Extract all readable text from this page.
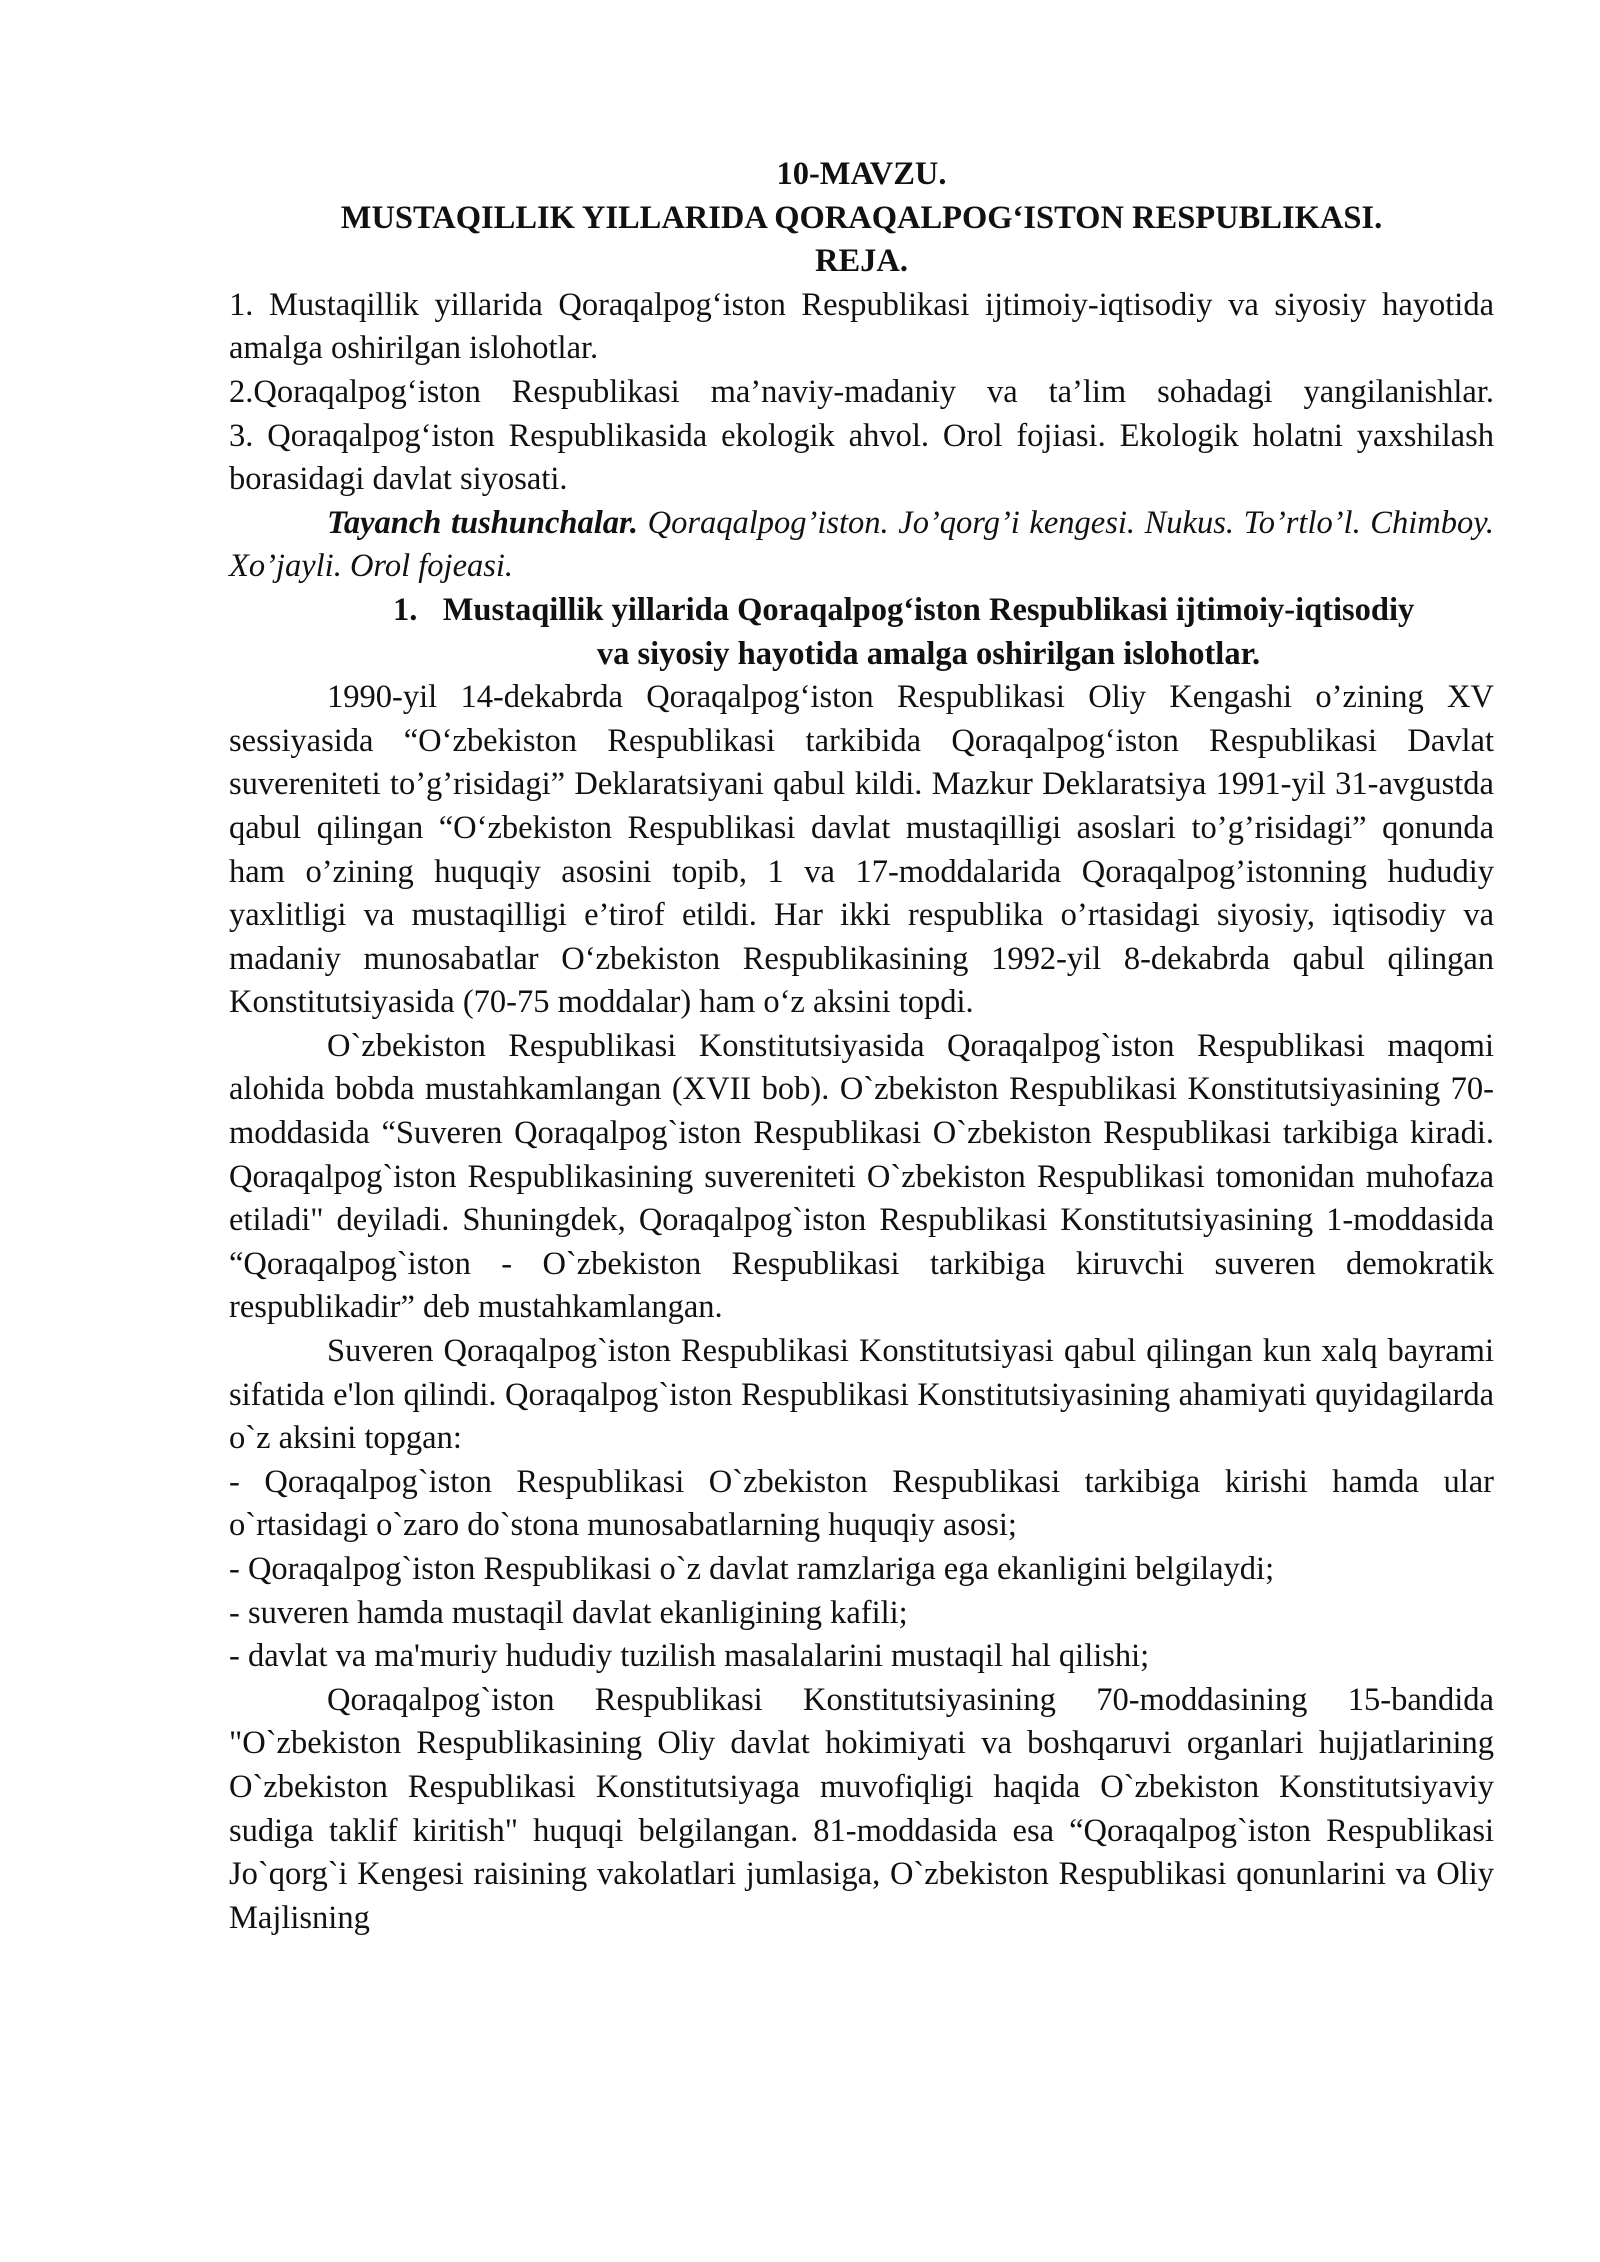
10-MAVZU.

MUSTAQILLIK YILLARIDA QORAQALPOG‘ISTON RESPUBLIKASI.

REJA.

1. Mustaqillik yillarida Qoraqalpog‘iston Respublikasi ijtimoiy-iqtisodiy va siyosiy hayotida amalga oshirilgan islohotlar.

2.Qoraqalpog‘iston Respublikasi ma’naviy-madaniy va ta’lim sohadagi yangilanishlar.

3. Qoraqalpog‘iston Respublikasida ekologik ahvol. Orol fojiasi. Ekologik holatni yaxshilash borasidagi davlat siyosati.

Tayanch tushunchalar. Qoraqalpog’iston. Jo’qorg’i kengesi. Nukus. To’rtlo’l. Chimboy. Xo’jayli. Orol fojeasi.

1. Mustaqillik yillarida Qoraqalpog‘iston Respublikasi ijtimoiy-iqtisodiy va siyosiy hayotida amalga oshirilgan islohotlar.

1990-yil 14-dekabrda Qoraqalpog‘iston Respublikasi Oliy Kengashi o’zining XV sessiyasida “O‘zbekiston Respublikasi tarkibida Qoraqalpog‘iston Respublikasi Davlat suvereniteti to’g’risidagi” Deklaratsiyani qabul kildi. Mazkur Deklaratsiya 1991-yil 31-avgustda qabul qilingan “O‘zbekiston Respublikasi davlat mustaqilligi asoslari to’g’risidagi” qonunda ham o’zining huquqiy asosini topib, 1 va 17-moddalarida Qoraqalpog’istonning hududiy yaxlitligi va mustaqilligi e’tirof etildi. Har ikki respublika o’rtasidagi siyosiy, iqtisodiy va madaniy munosabatlar O‘zbekiston Respublikasining 1992-yil 8-dekabrda qabul qilingan Konstitutsiyasida (70-75 moddalar) ham o‘z aksini topdi.

O`zbekiston Respublikasi Konstitutsiyasida Qoraqalpog`iston Respublikasi maqomi alohida bobda mustahkamlangan (XVII bob). O`zbekiston Respublikasi Konstitutsiyasining 70-moddasida “Suveren Qoraqalpog`iston Respublikasi O`zbekiston Respublikasi tarkibiga kiradi. Qoraqalpog`iston Respublikasining suvereniteti O`zbekiston Respublikasi tomonidan muhofaza etiladi" deyiladi. Shuningdek, Qoraqalpog`iston Respublikasi Konstitutsiyasining 1-moddasida “Qoraqalpog`iston - O`zbekiston Respublikasi tarkibiga kiruvchi suveren demokratik respublikadir” deb mustahkamlangan.

Suveren Qoraqalpog`iston Respublikasi Konstitutsiyasi qabul qilingan kun xalq bayrami sifatida e'lon qilindi. Qoraqalpog`iston Respublikasi Konstitutsiyasining ahamiyati quyidagilarda o`z aksini topgan:

- Qoraqalpog`iston Respublikasi O`zbekiston Respublikasi tarkibiga kirishi hamda ular o`rtasidagi o`zaro do`stona munosabatlarning huquqiy asosi;

- Qoraqalpog`iston Respublikasi o`z davlat ramzlariga ega ekanligini belgilaydi;

- suveren hamda mustaqil davlat ekanligining kafili;

- davlat va ma'muriy hududiy tuzilish masalalarini mustaqil hal qilishi;

Qoraqalpog`iston Respublikasi Konstitutsiyasining 70-moddasining 15-bandida "O`zbekiston Respublikasining Oliy davlat hokimiyati va boshqaruvi organlari hujjatlarining O`zbekiston Respublikasi Konstitutsiyaga muvofiqligi haqida O`zbekiston Konstitutsiyaviy sudiga taklif kiritish" huquqi belgilangan. 81-moddasida esa “Qoraqalpog`iston Respublikasi Jo`qorg`i Kengesi raisining vakolatlari jumlasiga, O`zbekiston Respublikasi qonunlarini va Oliy Majlisning
